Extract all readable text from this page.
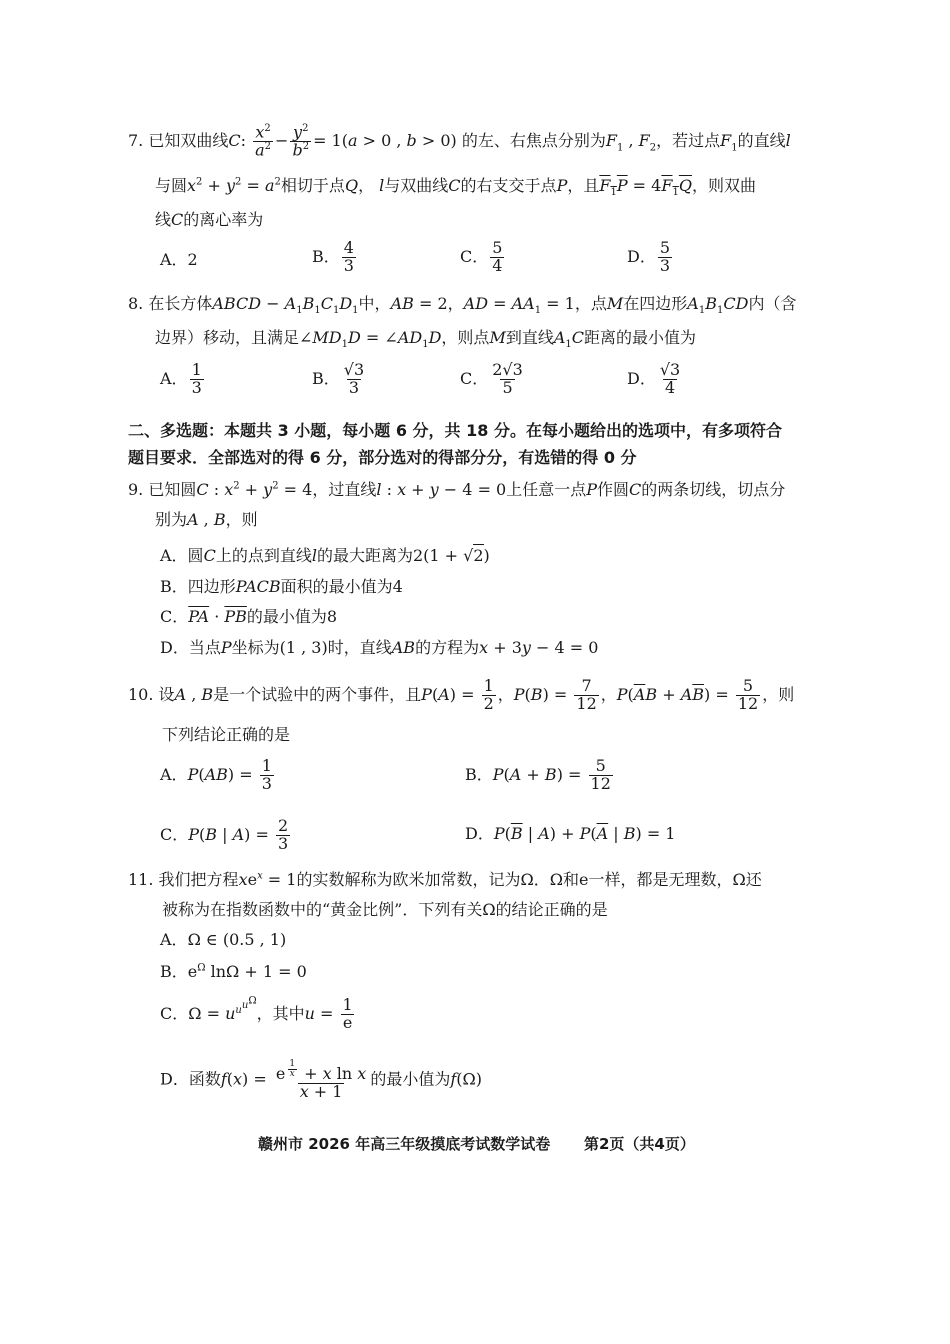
7. 已知双曲线C: $\frac{x^2}{a^2} - \frac{y^2}{b^2} = 1(a > 0$ , b > 0) 的左、右焦点分别为$F_1$ , $F_2$，若过点$F_1$的直线l
与圆$x^2 + y^2 = a^2$相切于点Q， l与双曲线C的右支交于点P，且$F_1P = 4F_1Q$，则双曲
线C的离心率为
A．2	B． $\frac{4}{3}$	C． $\frac{5}{4}$	D． $\frac{5}{3}$
8. 在长方体ABCD − $A_1B_1C_1D_1$中，AB = 2，AD = $AA_1 = 1$，点M在四边形$A_1B_1CD$内（含
边界）移动，且满足$\angle MD_1D$ = $\angle AD_1D$，则点M到直线$A_1C$距离的最小值为
A． $\frac{1}{3}$	B． $\frac{√3}{3}$	C． $\frac{2√3}{5}$	D． $\frac{√3}{4}$
二、多选题：本题共 3 小题，每小题 6 分，共 18 分。在每小题给出的选项中，有多项符合
题目要求．全部选对的得 6 分，部分选对的得部分分，有选错的得 0 分
9. 已知圆C : $x^2 + y^2 = 4$，过直线l : x + y − 4 = 0上任意一点P作圆C的两条切线，切点分
别为A , B，则
A．圆C上的点到直线l的最大距离为2(1 + √2)
B．四边形PACB面积的最小值为4
C．$\overline{PA} \cdot \overline{PB}$的最小值为8
D．当点P坐标为(1 , 3)时，直线AB的方程为x + 3y − 4 = 0
10. 设A , B是一个试验中的两个事件，且$P(A) = \frac{1}{2}$ ，$P(B) = \frac{7}{12}$ ，$P(\overline{A}B + A\overline{B}) = \frac{5}{12}$ ，则
下列结论正确的是
A．$P(AB) = \frac{1}{3}$	B．$P(A + B) = \frac{5}{12}$
C．P(B | $A) = \frac{2}{3}$	D．$P(\overline{B}$ | $A) + P(\overline{A}$ | B) = 1
11. 我们把方程$xe^x = 1$的实数解称为欧米加常数，记为Ω．Ω和e一样，都是无理数，Ω还
被称为在指数函数中的“黄金比例”．下列有关Ω的结论正确的是
A．Ω ∈ (0.5 , 1)
B．$e^\Omega$ lnΩ + 1 = 0
C．$\Omega = u^{u^{u^\Omega}}$，其中$u = \frac{1}{e}$
D．函数f(x) = e $^{\frac{1}{x}}$ + x ln x
x + 1 的最小值为f(Ω)
赣州市 2026 年高三年级摸底考试数学试卷 第2页（共4页）
